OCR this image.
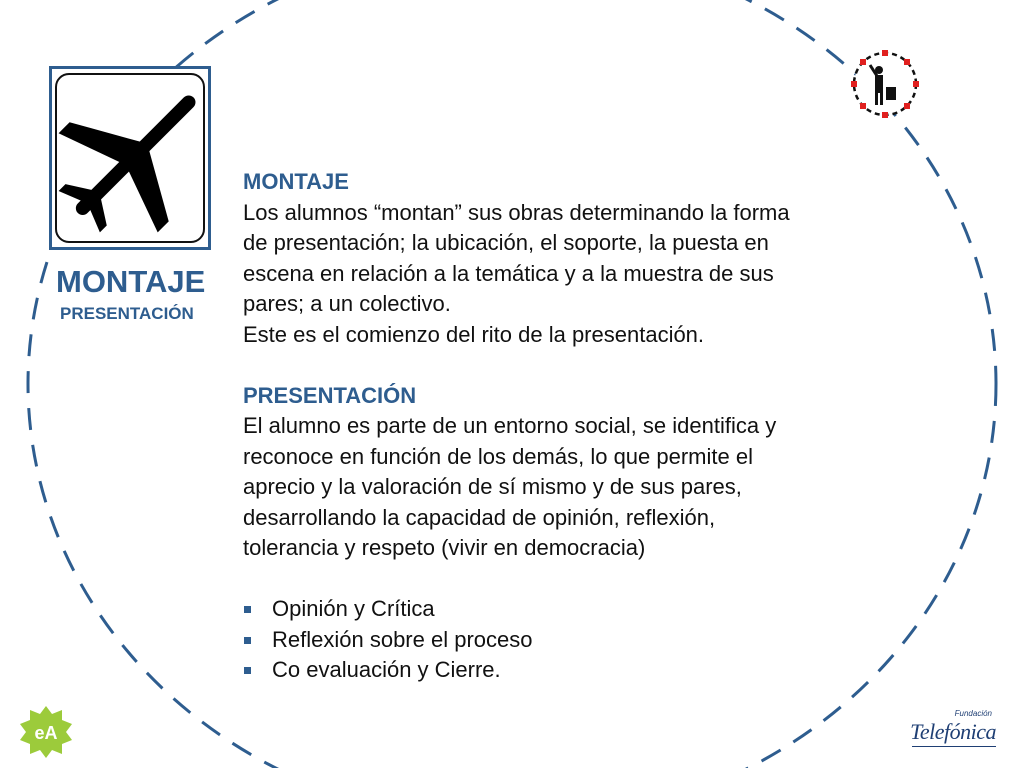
MONTAJE
PRESENTACIÓN

MONTAJE

Los alumnos “montan” sus obras determinando la forma

de presentación; la ubicación, el soporte, la puesta en

escena en relación a la temática y a la muestra de sus

pares; a un colectivo.

Este es el comienzo del rito de la presentación.

PRESENTACIÓN

El alumno es parte de un entorno social, se identifica y

reconoce en función de los demás, lo que permite el

aprecio y la valoración de sí mismo y de sus pares,

desarrollando la capacidad de opinión, reflexión,

tolerancia y respeto (vivir en democracia)

Opinión y Crítica
Reflexión sobre el proceso
Co evaluación y Cierre.
eA
Fundación
Telefónica
